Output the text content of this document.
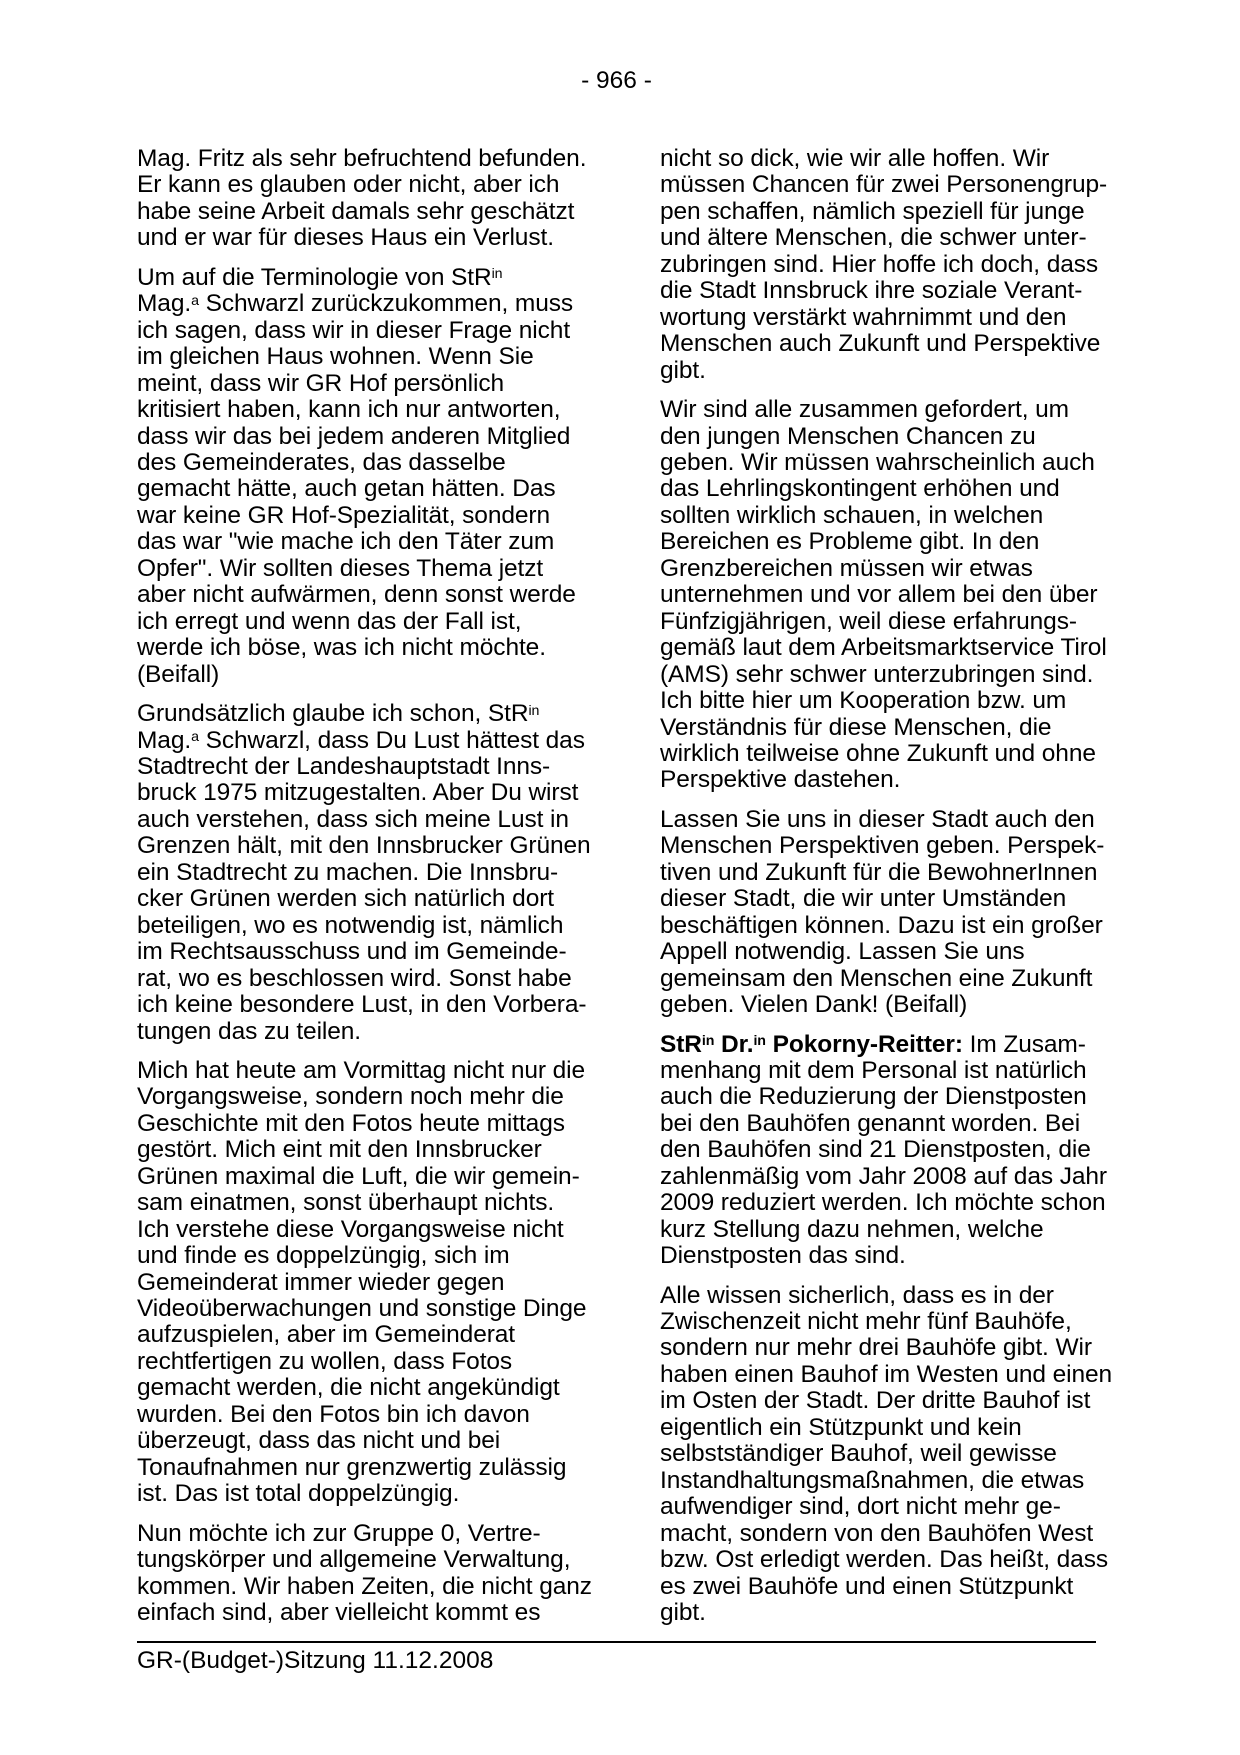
- 966 -

Mag. Fritz als sehr befruchtend befunden.
Er kann es glauben oder nicht, aber ich
habe seine Arbeit damals sehr geschätzt
und er war für dieses Haus ein Verlust.

Um auf die Terminologie von StR$^{in}$
Mag.$^a$ Schwarzl zurückzukommen, muss
ich sagen, dass wir in dieser Frage nicht
im gleichen Haus wohnen. Wenn Sie
meint, dass wir GR Hof persönlich
kritisiert haben, kann ich nur antworten,
dass wir das bei jedem anderen Mitglied
des Gemeinderates, das dasselbe
gemacht hätte, auch getan hätten. Das
war keine GR Hof-Spezialität, sondern
das war "wie mache ich den Täter zum
Opfer". Wir sollten dieses Thema jetzt
aber nicht aufwärmen, denn sonst werde
ich erregt und wenn das der Fall ist,
werde ich böse, was ich nicht möchte.
(Beifall)

Grundsätzlich glaube ich schon, StR$^{in}$
Mag.$^a$ Schwarzl, dass Du Lust hättest das
Stadtrecht der Landeshauptstadt Inns-
bruck 1975 mitzugestalten. Aber Du wirst
auch verstehen, dass sich meine Lust in
Grenzen hält, mit den Innsbrucker Grünen
ein Stadtrecht zu machen. Die Innsbru-
cker Grünen werden sich natürlich dort
beteiligen, wo es notwendig ist, nämlich
im Rechtsausschuss und im Gemeinde-
rat, wo es beschlossen wird. Sonst habe
ich keine besondere Lust, in den Vorbera-
tungen das zu teilen.

Mich hat heute am Vormittag nicht nur die
Vorgangsweise, sondern noch mehr die
Geschichte mit den Fotos heute mittags
gestört. Mich eint mit den Innsbrucker
Grünen maximal die Luft, die wir gemein-
sam einatmen, sonst überhaupt nichts.
Ich verstehe diese Vorgangsweise nicht
und finde es doppelzüngig, sich im
Gemeinderat immer wieder gegen
Videoüberwachungen und sonstige Dinge
aufzuspielen, aber im Gemeinderat
rechtfertigen zu wollen, dass Fotos
gemacht werden, die nicht angekündigt
wurden. Bei den Fotos bin ich davon
überzeugt, dass das nicht und bei
Tonaufnahmen nur grenzwertig zulässig
ist. Das ist total doppelzüngig.

Nun möchte ich zur Gruppe 0, Vertre-
tungskörper und allgemeine Verwaltung,
kommen. Wir haben Zeiten, die nicht ganz
einfach sind, aber vielleicht kommt es

nicht so dick, wie wir alle hoffen. Wir
müssen Chancen für zwei Personengrup-
pen schaffen, nämlich speziell für junge
und ältere Menschen, die schwer unter-
zubringen sind. Hier hoffe ich doch, dass
die Stadt Innsbruck ihre soziale Verant-
wortung verstärkt wahrnimmt und den
Menschen auch Zukunft und Perspektive
gibt.

Wir sind alle zusammen gefordert, um
den jungen Menschen Chancen zu
geben. Wir müssen wahrscheinlich auch
das Lehrlingskontingent erhöhen und
sollten wirklich schauen, in welchen
Bereichen es Probleme gibt. In den
Grenzbereichen müssen wir etwas
unternehmen und vor allem bei den über
Fünfzigjährigen, weil diese erfahrungs-
gemäß laut dem Arbeitsmarktservice Tirol
(AMS) sehr schwer unterzubringen sind.
Ich bitte hier um Kooperation bzw. um
Verständnis für diese Menschen, die
wirklich teilweise ohne Zukunft und ohne
Perspektive dastehen.

Lassen Sie uns in dieser Stadt auch den
Menschen Perspektiven geben. Perspek-
tiven und Zukunft für die BewohnerInnen
dieser Stadt, die wir unter Umständen
beschäftigen können. Dazu ist ein großer
Appell notwendig. Lassen Sie uns
gemeinsam den Menschen eine Zukunft
geben. Vielen Dank! (Beifall)

StR$^{in}$ Dr.$^{in}$ Pokorny-Reitter: Im Zusam-
menhang mit dem Personal ist natürlich
auch die Reduzierung der Dienstposten
bei den Bauhöfen genannt worden. Bei
den Bauhöfen sind 21 Dienstposten, die
zahlenmäßig vom Jahr 2008 auf das Jahr
2009 reduziert werden. Ich möchte schon
kurz Stellung dazu nehmen, welche
Dienstposten das sind.

Alle wissen sicherlich, dass es in der
Zwischenzeit nicht mehr fünf Bauhöfe,
sondern nur mehr drei Bauhöfe gibt. Wir
haben einen Bauhof im Westen und einen
im Osten der Stadt. Der dritte Bauhof ist
eigentlich ein Stützpunkt und kein
selbstständiger Bauhof, weil gewisse
Instandhaltungsmaßnahmen, die etwas
aufwendiger sind, dort nicht mehr ge-
macht, sondern von den Bauhöfen West
bzw. Ost erledigt werden. Das heißt, dass
es zwei Bauhöfe und einen Stützpunkt
gibt.

GR-(Budget-)Sitzung 11.12.2008
